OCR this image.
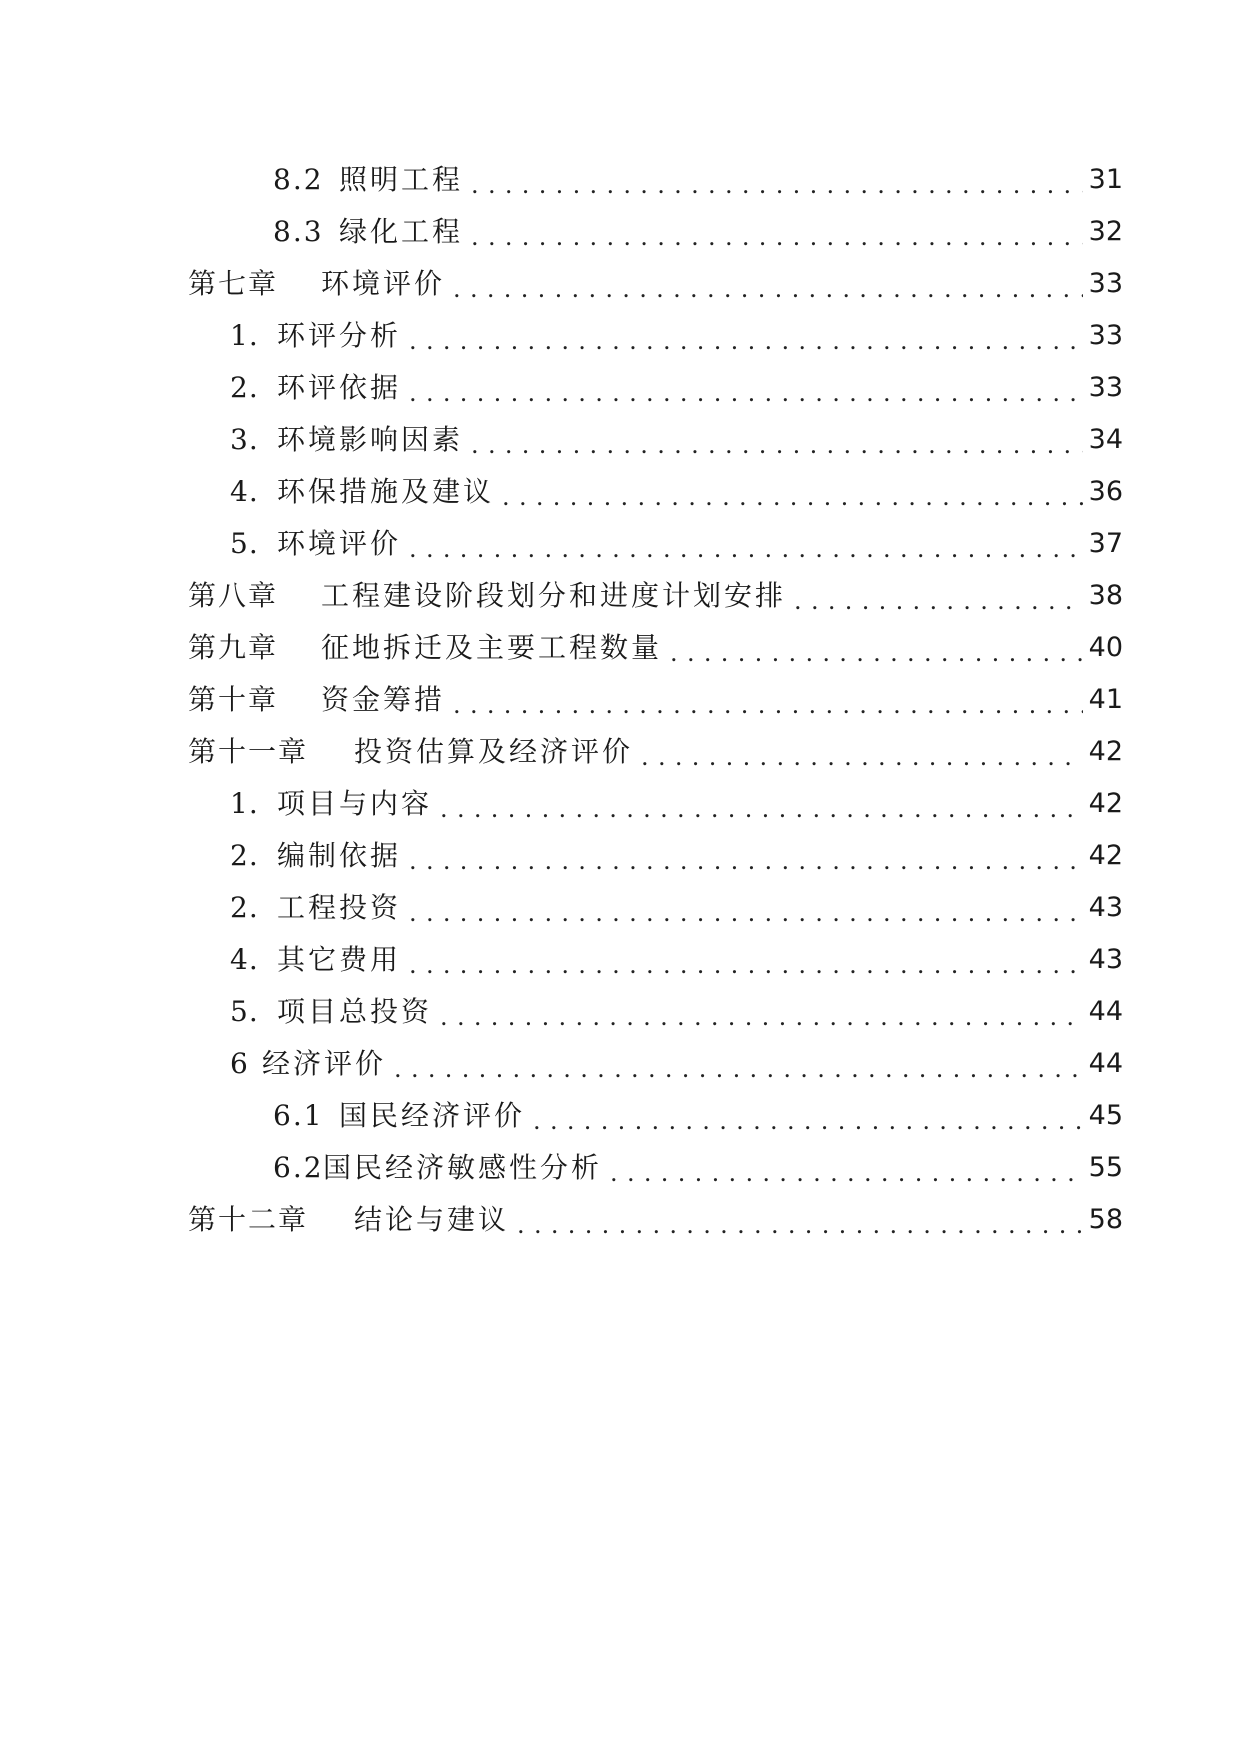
8.2 照明工程 .....	31
8.3 绿化工程 .....	32
第七章	环境评价 .....	33
1. 环评分析 .....	33
2. 环评依据 .....	33
3. 环境影响因素 .....	34
4. 环保措施及建议 .....	36
5. 环境评价 .....	37
第八章	工程建设阶段划分和进度计划安排 .....	38
第九章	征地拆迁及主要工程数量 .....	40
第十章	资金筹措 .....	41
第十一章	投资估算及经济评价 .....	42
1. 项目与内容 .....	42
2. 编制依据 .....	42
2. 工程投资 .....	43
4. 其它费用 .....	43
5. 项目总投资 .....	44
6 经济评价 .....	44
6.1 国民经济评价 .....	45
6.2 国民经济敏感性分析 .....	55
第十二章	结论与建议 .....	58
